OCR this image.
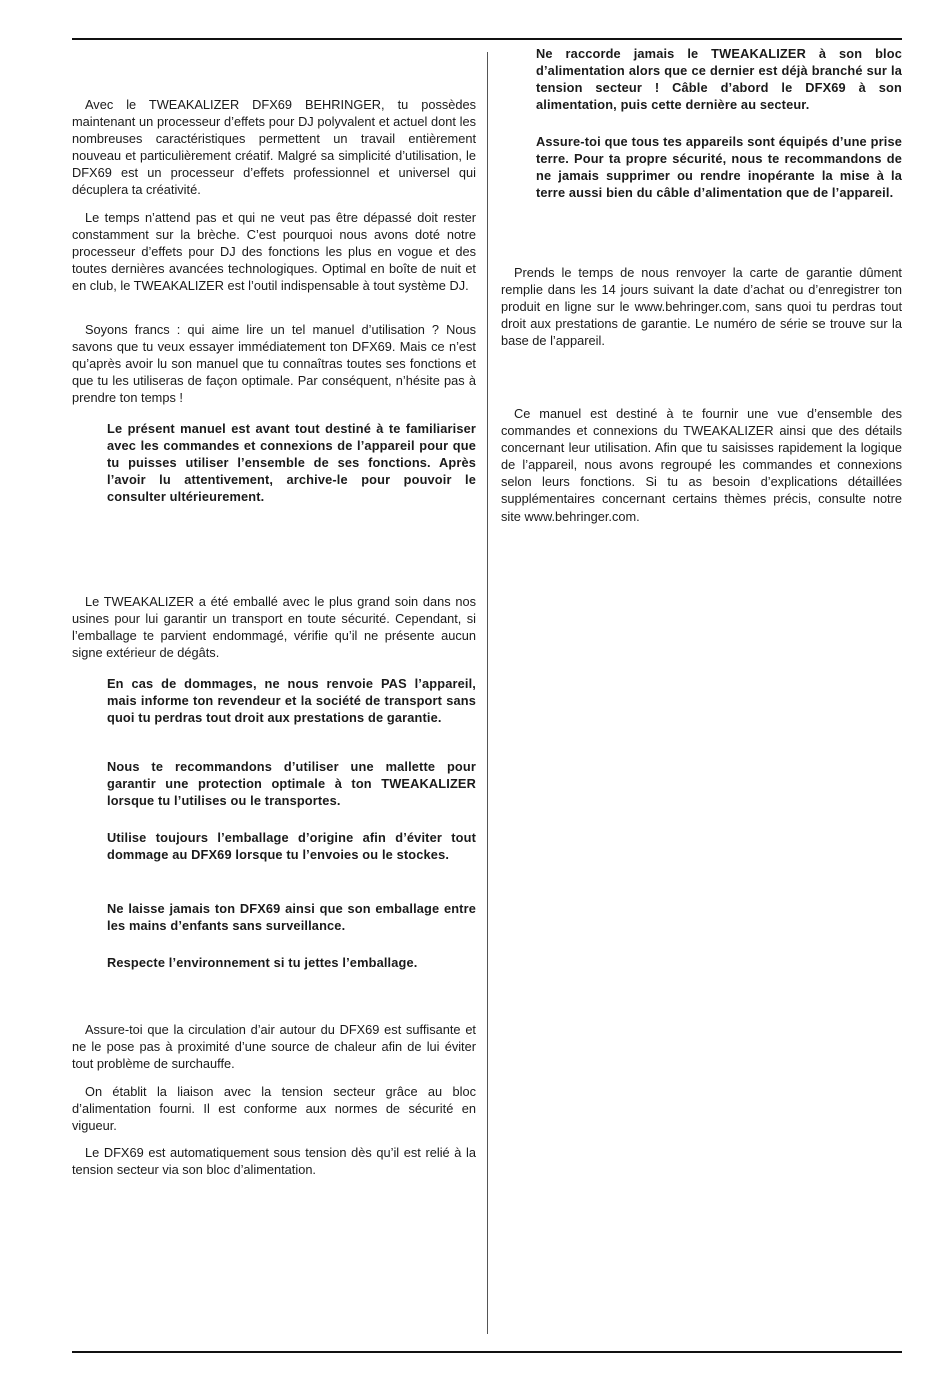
Avec le TWEAKALIZER DFX69 BEHRINGER, tu possèdes maintenant un processeur d’effets pour DJ polyvalent et actuel dont les nombreuses caractéristiques permettent un travail entièrement nouveau et particulièrement créatif. Malgré sa simplicité d’utilisation, le DFX69 est un processeur d’effets professionnel et universel qui décuplera ta créativité.

Le temps n’attend pas et qui ne veut pas être dépassé doit rester constamment sur la brèche. C’est pourquoi nous avons doté notre processeur d’effets pour DJ des fonctions les plus en vogue et des toutes dernières avancées technologiques. Optimal en boîte de nuit et en club, le TWEAKALIZER est l’outil indispensable à tout système DJ.

Soyons francs : qui aime lire un tel manuel d’utilisation ? Nous savons que tu veux essayer immédiatement ton DFX69. Mais ce n’est qu’après avoir lu son manuel que tu connaîtras toutes ses fonctions et que tu les utiliseras de façon optimale. Par conséquent, n’hésite pas à prendre ton temps !

Le présent manuel est avant tout destiné à te familiariser avec les commandes et connexions de l’appareil pour que tu puisses utiliser l’ensemble de ses fonctions. Après l’avoir lu attentivement, archive-le pour pouvoir le consulter ultérieurement.

Le TWEAKALIZER a été emballé avec le plus grand soin dans nos usines pour lui garantir un transport en toute sécurité. Cependant, si l’emballage te parvient endommagé, vérifie qu’il ne présente aucun signe extérieur de dégâts.

En cas de dommages, ne nous renvoie PAS l’appareil, mais informe ton revendeur et la société de transport sans quoi tu perdras tout droit aux prestations de garantie.

Nous te recommandons d’utiliser une mallette pour garantir une protection optimale à ton TWEAKALIZER lorsque tu l’utilises ou le transportes.

Utilise toujours l’emballage d’origine afin d’éviter tout dommage au DFX69 lorsque tu l’envoies ou le stockes.

Ne laisse jamais ton DFX69 ainsi que son emballage entre les mains d’enfants sans surveillance.

Respecte l’environnement si tu jettes l’emballage.

Assure-toi que la circulation d’air autour du DFX69 est suffisante et ne le pose pas à proximité d’une source de chaleur afin de lui éviter tout problème de surchauffe.

On établit la liaison avec la tension secteur grâce au bloc d’alimentation fourni. Il est conforme aux normes de sécurité en vigueur.

Le DFX69 est automatiquement sous tension dès qu’il est relié à la tension secteur via son bloc d’alimentation.

Ne raccorde jamais le TWEAKALIZER à son bloc d’alimentation alors que ce dernier est déjà branché sur la tension secteur ! Câble d’abord le DFX69 à son alimentation, puis cette dernière au secteur.

Assure-toi que tous tes appareils sont équipés d’une prise terre. Pour ta propre sécurité, nous te recommandons de ne jamais supprimer ou rendre inopérante la mise à la terre aussi bien du câble d’alimentation que de l’appareil.

Prends le temps de nous renvoyer la carte de garantie dûment remplie dans les 14 jours suivant la date d’achat ou d’enregistrer ton produit en ligne sur le www.behringer.com, sans quoi tu perdras tout droit aux prestations de garantie. Le numéro de série se trouve sur la base de l’appareil.

Ce manuel est destiné à te fournir une vue d’ensemble des commandes et connexions du TWEAKALIZER ainsi que des détails concernant leur utilisation. Afin que tu saisisses rapidement la logique de l’appareil, nous avons regroupé les commandes et connexions selon leurs fonctions. Si tu as besoin d’explications détaillées supplémentaires concernant certains thèmes précis, consulte notre site www.behringer.com.
